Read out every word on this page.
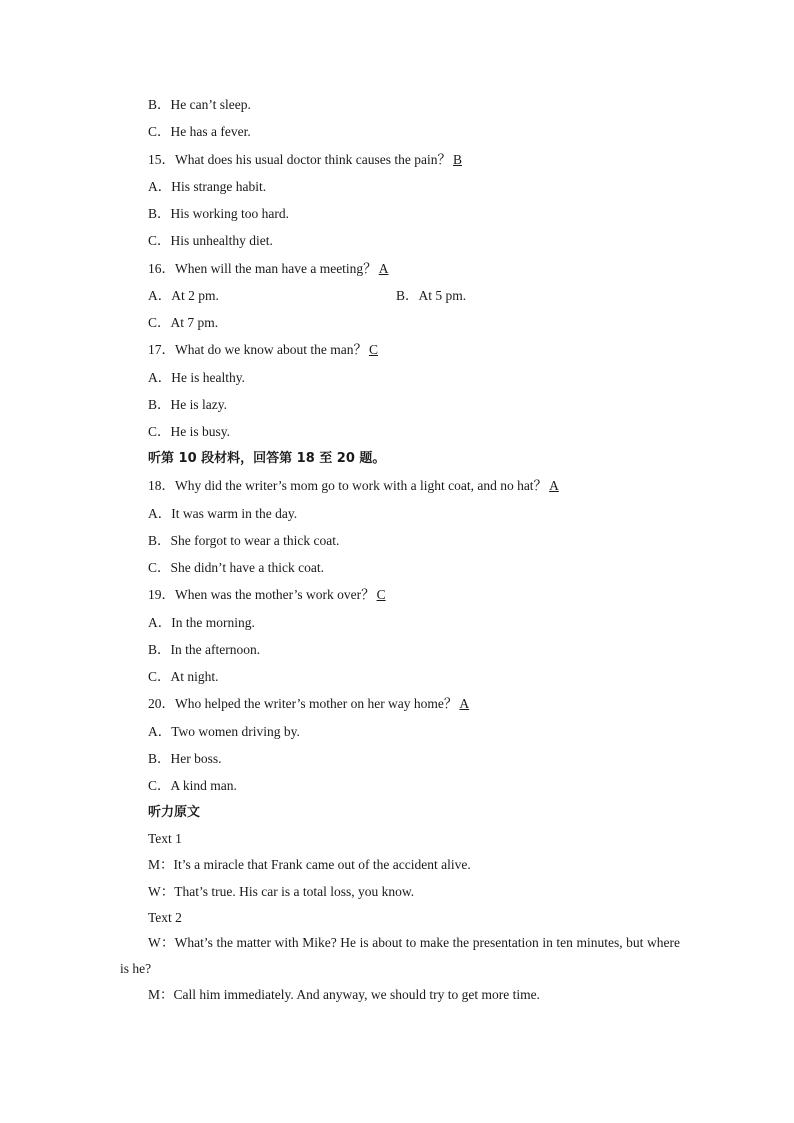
B．He can’t sleep.
C．He has a fever.
15．What does his usual doctor think causes the pain？ B
A．His strange habit.
B．His working too hard.
C．His unhealthy diet.
16．When will the man have a meeting？ A
A．At 2 pm.	B．At 5 pm.
C．At 7 pm.
17．What do we know about the man？ C
A．He is healthy.
B．He is lazy.
C．He is busy.
听第 10 段材料，回答第 18 至 20 题。
18．Why did the writer’s mom go to work with a light coat, and no hat？ A
A．It was warm in the day.
B．She forgot to wear a thick coat.
C．She didn’t have a thick coat.
19．When was the mother’s work over？ C
A．In the morning.
B．In the afternoon.
C．At night.
20．Who helped the writer’s mother on her way home？ A
A．Two women driving by.
B．Her boss.
C．A kind man.
听力原文
Text 1
M：It’s a miracle that Frank came out of the accident alive.
W：That’s true. His car is a total loss, you know.
Text 2
W：What’s the matter with Mike? He is about to make the presentation in ten minutes, but where is he?
M：Call him immediately. And anyway, we should try to get more time.
